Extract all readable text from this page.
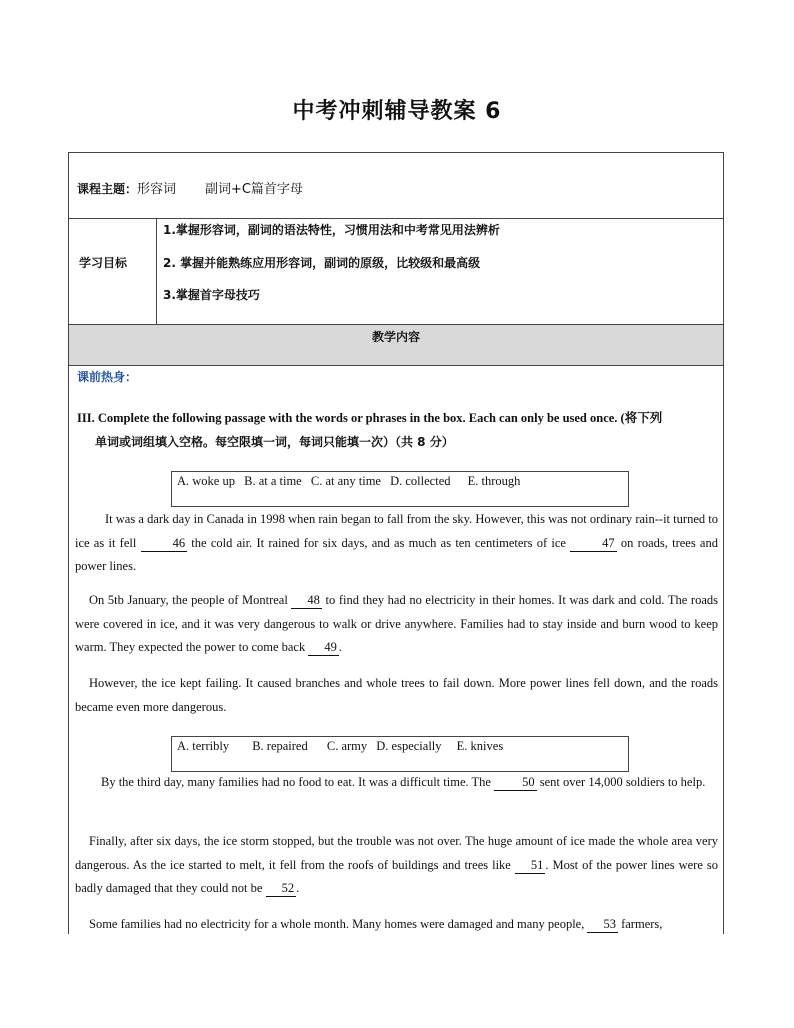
中考冲刺辅导教案 6
课程主题：形容词       副词+C篇首字母
学习目标
1.掌握形容词，副词的语法特性，习惯用法和中考常见用法辨析
2. 掌握并能熟练应用形容词，副词的原级，比较级和最高级
3.掌握首字母技巧
教学内容
课前热身：
III. Complete the following passage with the words or phrases in the box. Each can only be used once. (将下列
单词或词组填入空格。每空限填一词，每词只能填一次）（共 8 分）
A. woke up B. at a time C. at any time D. collected E. through
It was a dark day in Canada in 1998 when rain began to fall from the sky. However, this was not ordinary rain--it turned to ice as it fell	46 the cold air. It rained for six days, and as much as ten centimeters of ice	47 on roads, trees and power lines.
On 5tb January, the people of Montreal 48 to find they had no electricity in their homes. It was dark and cold. The roads were covered in ice, and it was very dangerous to walk or drive anywhere. Families had to stay inside and burn wood to keep warm. They expected the power to come back 49 .
However, the ice kept failing. It caused branches and whole trees to fail down. More power lines fell down, and the roads became even more dangerous.
A. terribly B. repaired C. army D. especially E. knives
By the third day, many families had no food to eat. It was a difficult time. The 50 sent over 14,000 soldiers to help.
Finally, after six days, the ice storm stopped, but the trouble was not over. The huge amount of ice made the whole area very dangerous. As the ice started to melt, it fell from the roofs of buildings and trees like 51 . Most of the power lines were so badly damaged that they could not be 52 .
Some families had no electricity for a whole month. Many homes were damaged and many people, 53 farmers,
